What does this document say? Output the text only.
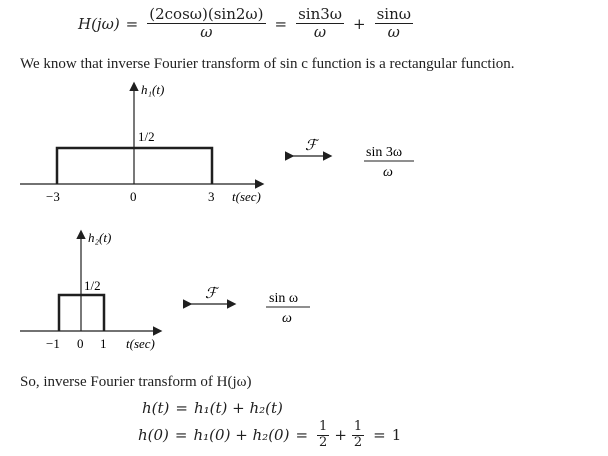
$H(j\omega) = \frac{(2\cos\omega)(\sin 2\omega)}{\omega} = \frac{\sin 3\omega}{\omega} + \frac{\sin\omega}{\omega}$
We know that inverse Fourier transform of sin c function is a rectangular function.
h₁(t)
1/2
−3	0	3 t(sec)
ℱ	sin 3ω
ω
h₂(t)
1/2
−1 0 1 t(sec)
ℱ	sin ω
ω
So, inverse Fourier transform of H(jω)
h(t) = h₁(t) + h₂(t)
$h(0) = h_1(0) + h_2(0) = \frac{1}{2} + \frac{1}{2} = 1$
